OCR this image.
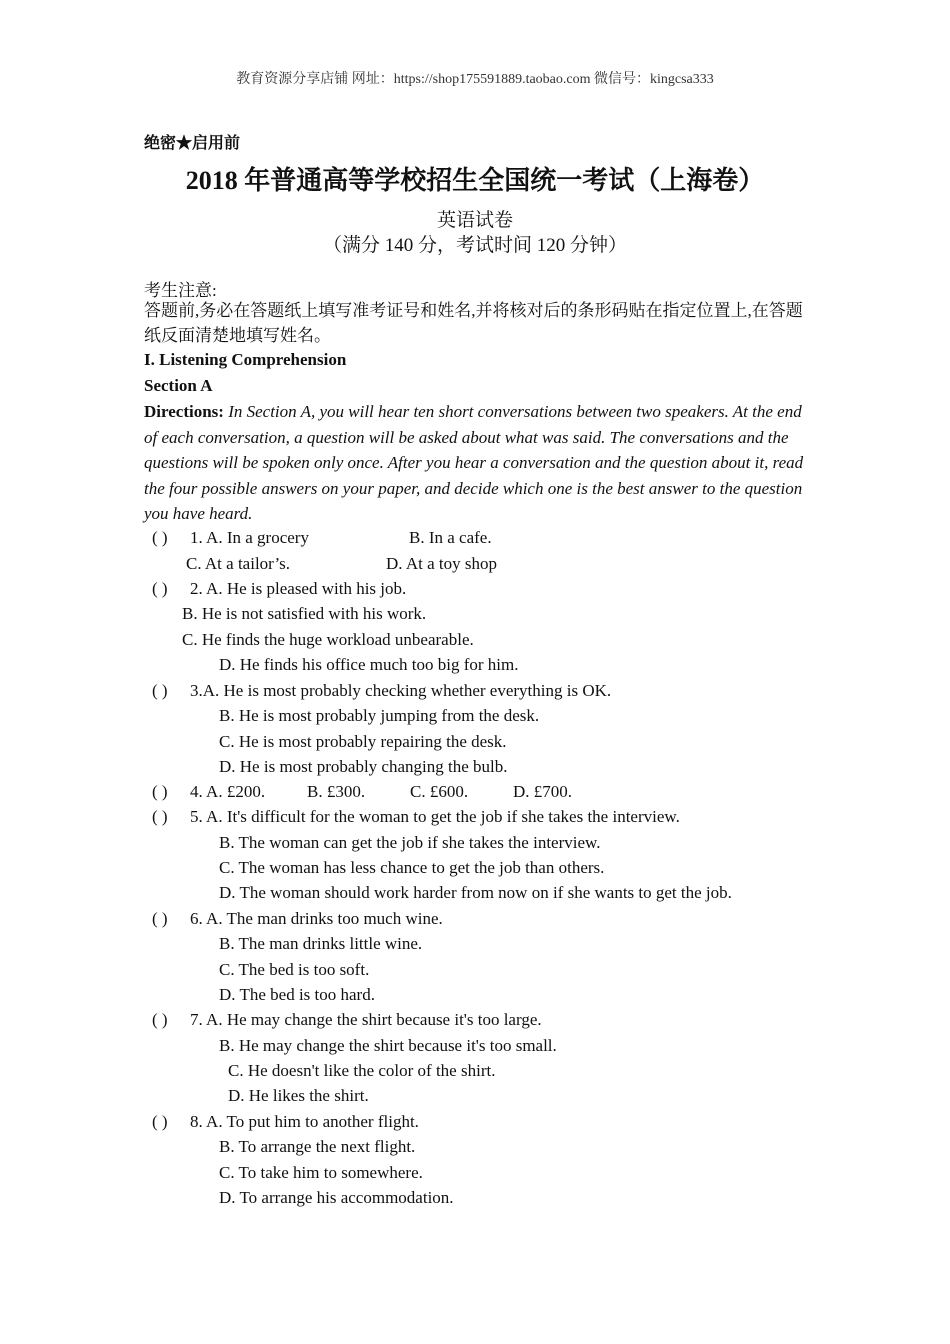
教育资源分享店铺 网址：https://shop175591889.taobao.com 微信号：kingcsa333
绝密★启用前
2018 年普通高等学校招生全国统一考试（上海卷）
英语试卷
（满分 140 分，考试时间 120 分钟）
考生注意:
答题前,务必在答题纸上填写准考证号和姓名,并将核对后的条形码贴在指定位置上,在答题纸反面清楚地填写姓名。
I. Listening Comprehension
Section A
Directions: In Section A, you will hear ten short conversations between two speakers. At the end of each conversation, a question will be asked about what was said. The conversations and the questions will be spoken only once. After you hear a conversation and the question about it, read the four possible answers on your paper, and decide which one is the best answer to the question you have heard.
( ) 1. A. In a grocery	B. In a cafe.
C. At a tailor’s.	D. At a toy shop
( ) 2. A. He is pleased with his job.
B. He is not satisfied with his work.
C. He finds the huge workload unbearable.
D. He finds his office much too big for him.
( ) 3.A. He is most probably checking whether everything is OK.
B. He is most probably jumping from the desk.
C. He is most probably repairing the desk.
D. He is most probably changing the bulb.
( ) 4. A. £200. B. £300.	C. £600.	D. £700.
( ) 5. A. It's difficult for the woman to get the job if she takes the interview.
B. The woman can get the job if she takes the interview.
C. The woman has less chance to get the job than others.
D. The woman should work harder from now on if she wants to get the job.
( ) 6. A. The man drinks too much wine.
B. The man drinks little wine.
C. The bed is too soft.
D. The bed is too hard.
( ) 7. A. He may change the shirt because it's too large.
B. He may change the shirt because it's too small.
C. He doesn't like the color of the shirt.
D. He likes the shirt.
( ) 8. A. To put him to another flight.
B. To arrange the next flight.
C. To take him to somewhere.
D. To arrange his accommodation.
